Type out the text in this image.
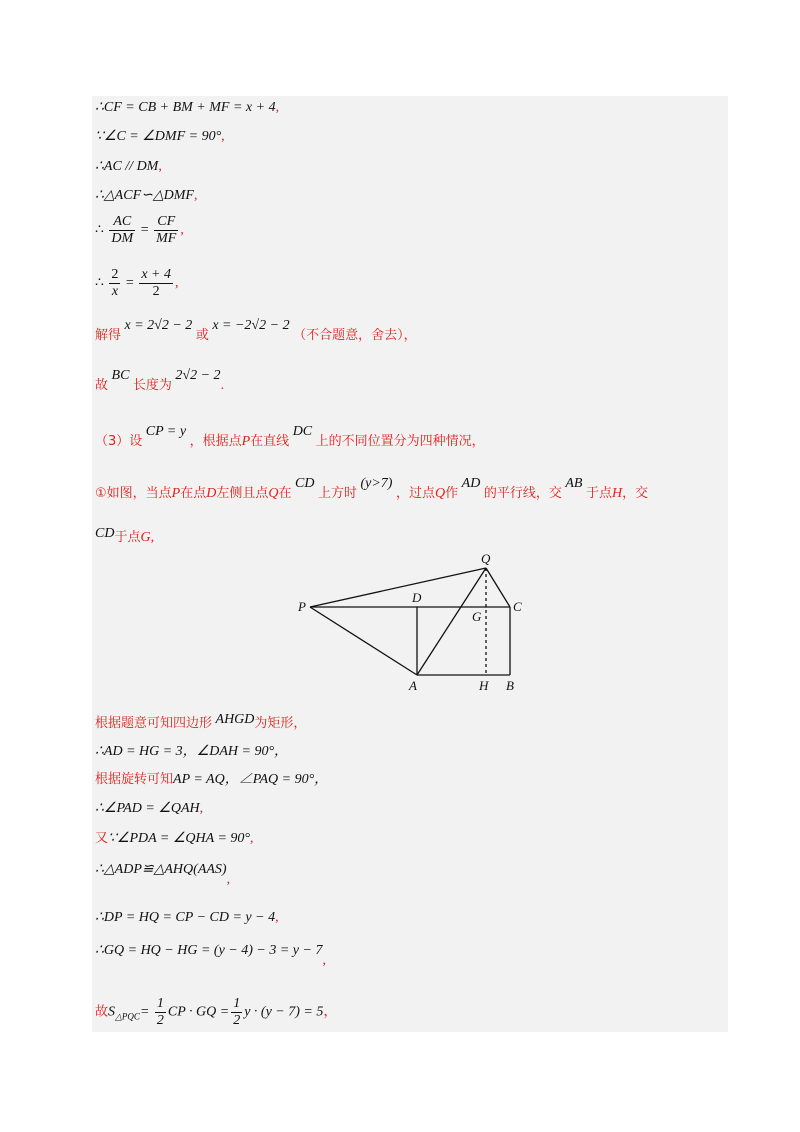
∴CF = CB + BM + MF = x + 4,
∵∠C = ∠DMF = 90°,
∴AC // DM,
∴△ACF∽△DMF,
∴ $\frac{AC}{DM} = \frac{CF}{MF}$ ,
∴ $\frac{2}{x} = \frac{x + 4}{2}$ ,
解得 x = 2√2 − 2 或 x = −2√2 − 2 （不合题意，舍去），
故 BC 长度为 2√2 − 2.
（3）设 CP = y ，根据点P在直线 DC 上的不同位置分为四种情况，
①如图，当点P在点D左侧且点Q在 CD 上方时 (y>7) ，过点Q作 AD 的平行线，交 AB 于点H，交
CD于点G,
P
D
C
Q
G
A	H B
根据题意可知四边形 AHGD为矩形，
∴AD = HG = 3，∠DAH = 90°，
根据旋转可知AP = AQ，∠PAQ = 90°，
∴∠PAD = ∠QAH,
又∵∠PDA = ∠QHA = 90°,
∴△ADP≌△AHQ(AAS),
∴DP = HQ = CP − CD = y − 4,
∴GQ = HQ − HG = (y − 4) − 3 = y − 7,
故$S_{\triangle PQC}= \frac{1}{2}$ CP · GQ = $\frac{1}{2}$ y · (y − 7) = 5，
